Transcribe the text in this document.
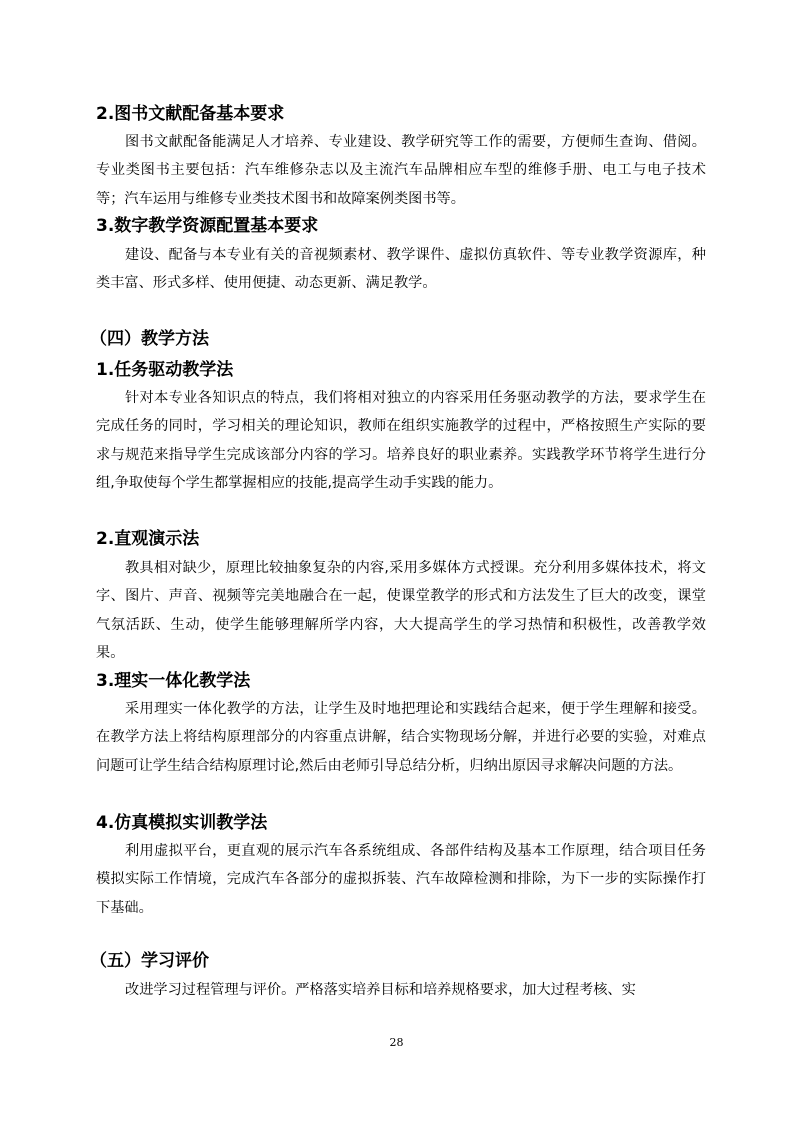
2.图书文献配备基本要求

图书文献配备能满足人才培养、专业建设、教学研究等工作的需要，方便师生查询、借阅。专业类图书主要包括：汽车维修杂志以及主流汽车品牌相应车型的维修手册、电工与电子技术等；汽车运用与维修专业类技术图书和故障案例类图书等。

3.数字教学资源配置基本要求

建设、配备与本专业有关的音视频素材、教学课件、虚拟仿真软件、等专业教学资源库，种类丰富、形式多样、使用便捷、动态更新、满足教学。

（四）教学方法
1.任务驱动教学法

针对本专业各知识点的特点，我们将相对独立的内容采用任务驱动教学的方法，要求学生在完成任务的同时，学习相关的理论知识，教师在组织实施教学的过程中，严格按照生产实际的要求与规范来指导学生完成该部分内容的学习。培养良好的职业素养。实践教学环节将学生进行分组,争取使每个学生都掌握相应的技能,提高学生动手实践的能力。

2.直观演示法

教具相对缺少，原理比较抽象复杂的内容,采用多媒体方式授课。充分利用多媒体技术，将文字、图片、声音、视频等完美地融合在一起，使课堂教学的形式和方法发生了巨大的改变，课堂气氛活跃、生动，使学生能够理解所学内容，大大提高学生的学习热情和积极性，改善教学效果。

3.理实一体化教学法

采用理实一体化教学的方法，让学生及时地把理论和实践结合起来，便于学生理解和接受。在教学方法上将结构原理部分的内容重点讲解，结合实物现场分解，并进行必要的实验，对难点问题可让学生结合结构原理讨论,然后由老师引导总结分析，归纳出原因寻求解决问题的方法。

4.仿真模拟实训教学法

利用虚拟平台，更直观的展示汽车各系统组成、各部件结构及基本工作原理，结合项目任务模拟实际工作情境，完成汽车各部分的虚拟拆装、汽车故障检测和排除，为下一步的实际操作打下基础。

（五）学习评价

改进学习过程管理与评价。严格落实培养目标和培养规格要求，加大过程考核、实

28
